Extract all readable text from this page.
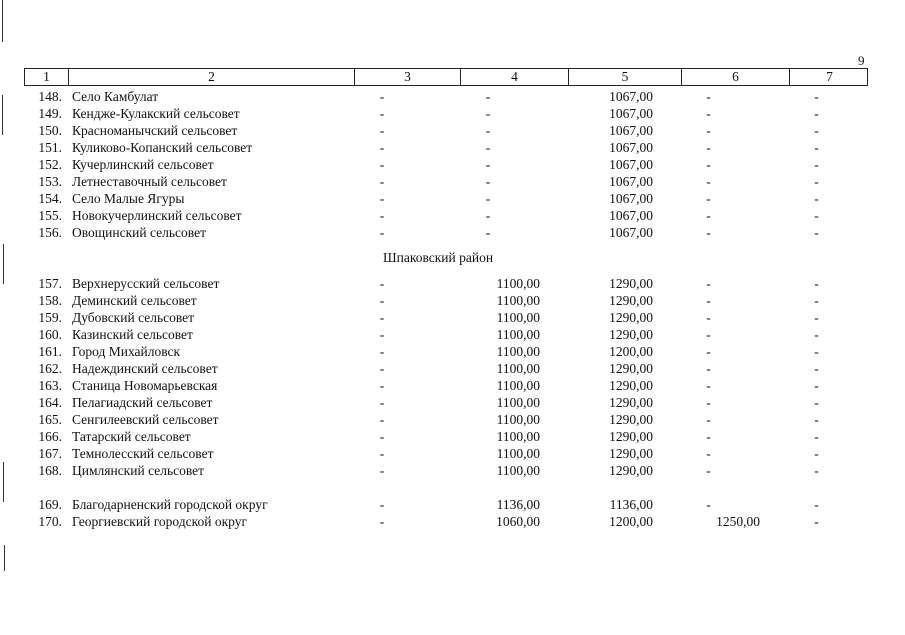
9
1	2	3	4	5	6	7
148. Село Камбулат	-	-	1067,00	-	-
149. Кендже-Кулакский сельсовет	-	-	1067,00	-	-
150. Красноманычский сельсовет	-	-	1067,00	-	-
151. Куликово-Копанский сельсовет	-	-	1067,00	-	-
152. Кучерлинский сельсовет	-	-	1067,00	-	-
153. Летнеставочный сельсовет	-	-	1067,00	-	-
154. Село Малые Ягуры	-	-	1067,00	-	-
155. Новокучерлинский сельсовет	-	-	1067,00	-	-
156. Овощинский сельсовет	-	-	1067,00	-	-
Шпаковский район
157. Верхнерусский сельсовет	-	1100,00	1290,00	-	-
158. Деминский сельсовет	-	1100,00	1290,00	-	-
159. Дубовский сельсовет	-	1100,00	1290,00	-	-
160. Казинский сельсовет	-	1100,00	1290,00	-	-
161. Город Михайловск	-	1100,00	1200,00	-	-
162. Надеждинский сельсовет	-	1100,00	1290,00	-	-
163. Станица Новомарьевская	-	1100,00	1290,00	-	-
164. Пелагиадский сельсовет	-	1100,00	1290,00	-	-
165. Сенгилеевский сельсовет	-	1100,00	1290,00	-	-
166. Татарский сельсовет	-	1100,00	1290,00	-	-
167. Темнолесский сельсовет	-	1100,00	1290,00	-	-
168. Цимлянский сельсовет	-	1100,00	1290,00	-	-
169. Благодарненский городской округ	-	1136,00	1136,00	-	-
170. Георгиевский городской округ	-	1060,00	1200,00	1250,00	-
